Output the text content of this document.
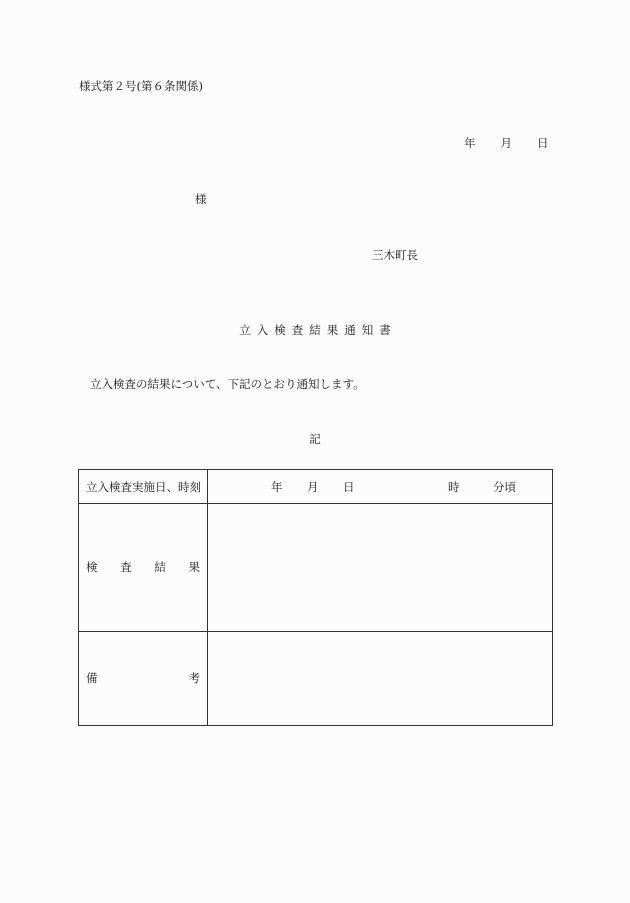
様式第２号(第６条関係)
年 月 日
様
三木町長
立入検査結果通知書
立入検査の結果について、下記のとおり通知します。
記
立入検査実施日、時刻	年 月 日 時 分頃

検 査 結 果	

備 考	
